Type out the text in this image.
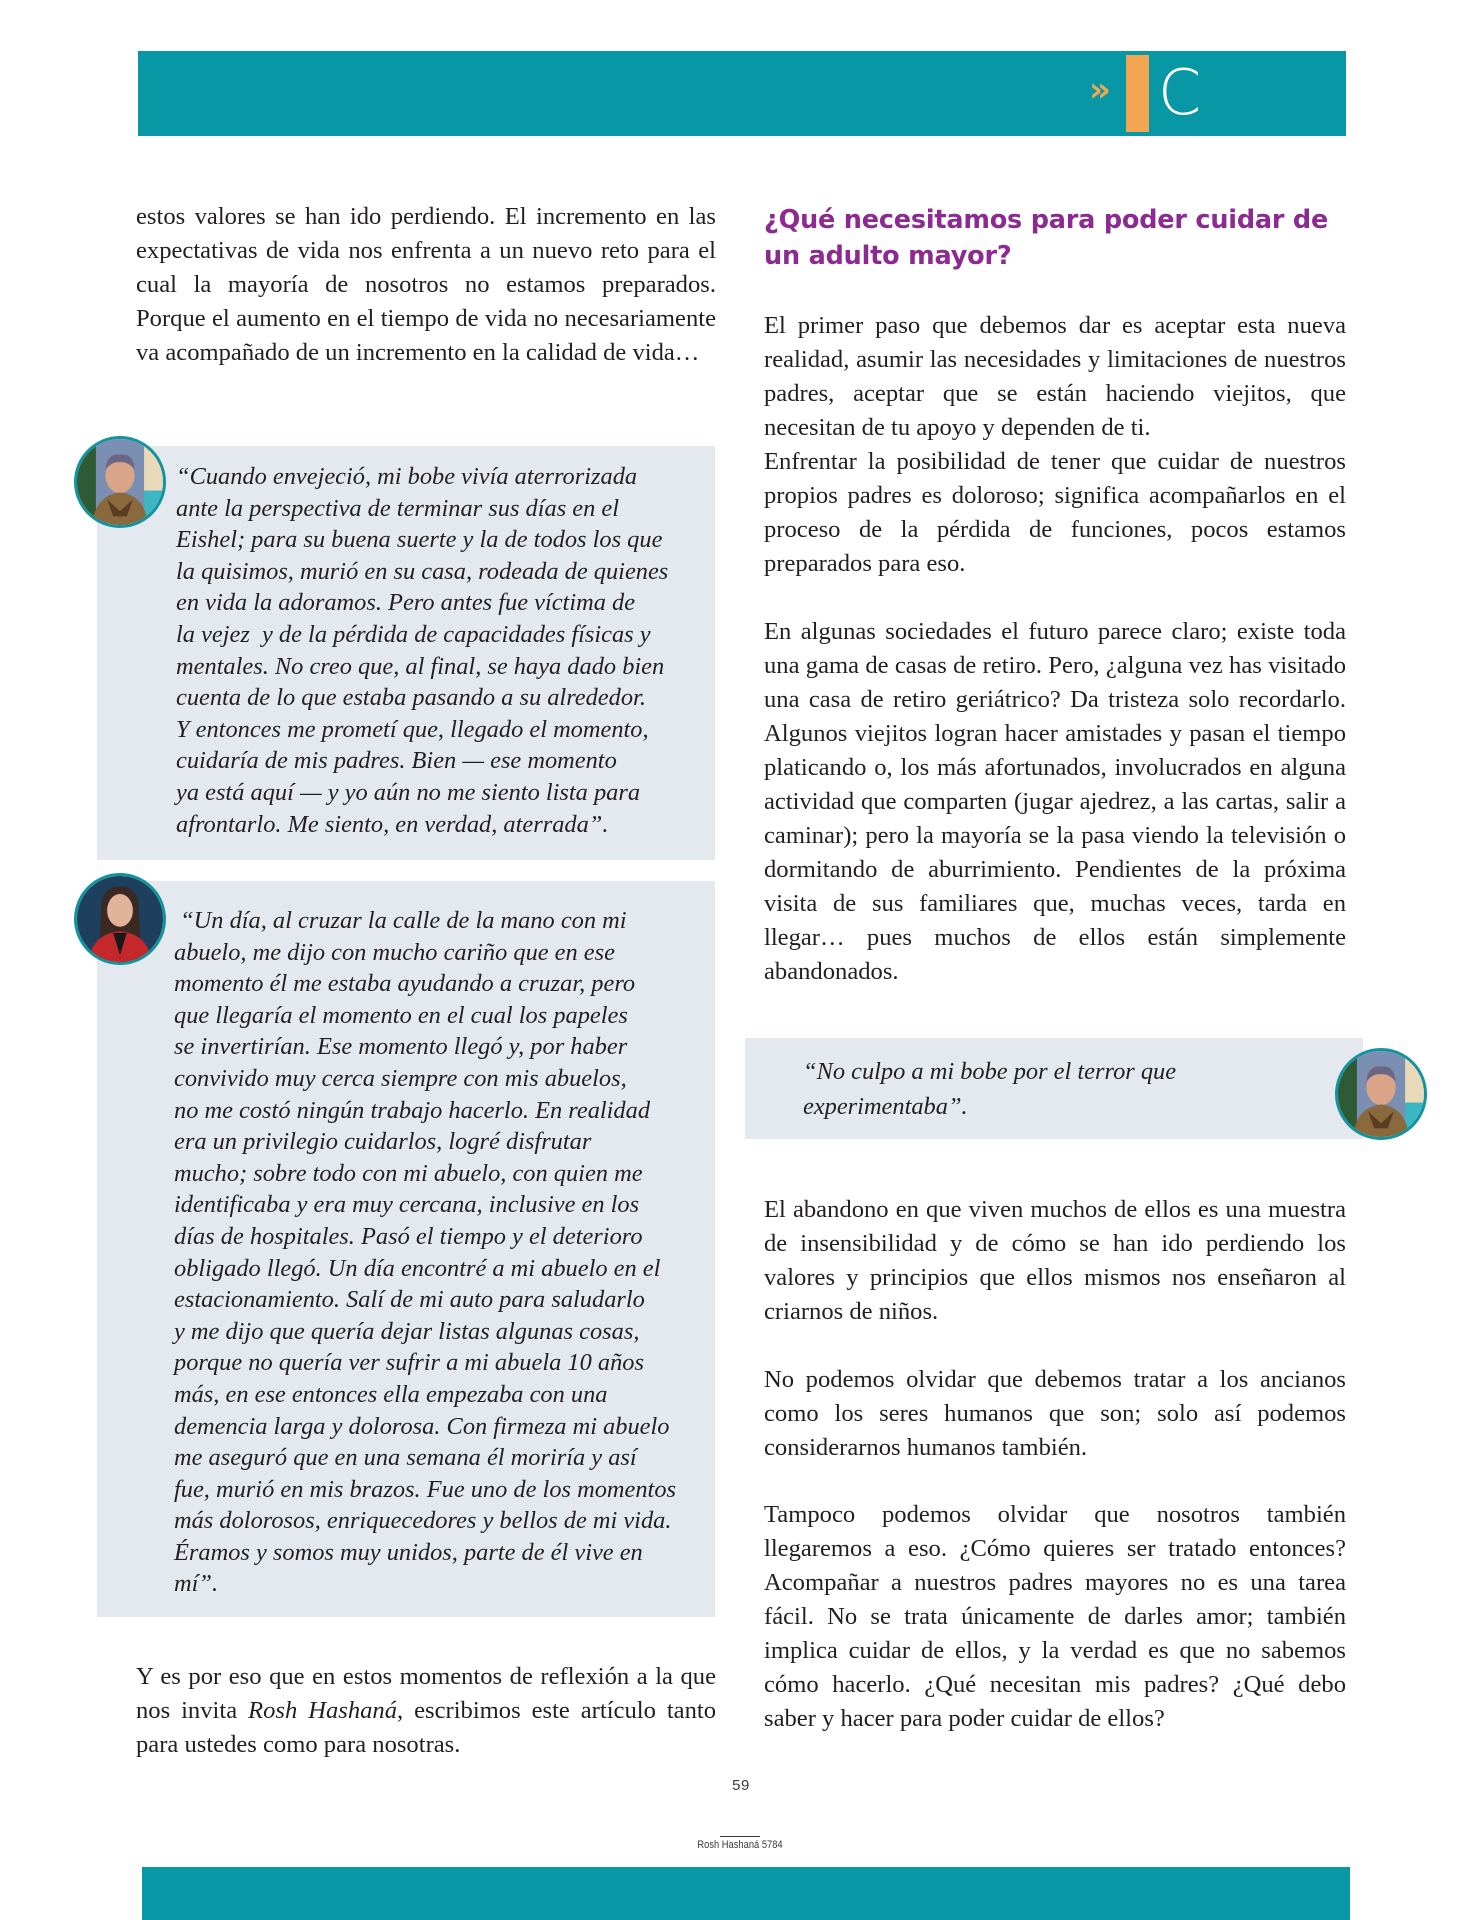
» C

estos valores se han ido perdiendo. El incremento en las expectativas de vida nos enfrenta a un nuevo reto para el cual la mayoría de nosotros no estamos preparados. Porque el aumento en el tiempo de vida no necesariamente va acompañado de un incremento en la calidad de vida…

“Cuando envejeció, mi bobe vivía aterrorizada
ante la perspectiva de terminar sus días en el
Eishel; para su buena suerte y la de todos los que
la quisimos, murió en su casa, rodeada de quienes
en vida la adoramos. Pero antes fue víctima de
la vejez  y de la pérdida de capacidades físicas y
mentales. No creo que, al final, se haya dado bien
cuenta de lo que estaba pasando a su alrededor.
Y entonces me prometí que, llegado el momento,
cuidaría de mis padres. Bien — ese momento
ya está aquí — y yo aún no me siento lista para
afrontarlo. Me siento, en verdad, aterrada”.
“Un día, al cruzar la calle de la mano con mi
abuelo, me dijo con mucho cariño que en ese
momento él me estaba ayudando a cruzar, pero
que llegaría el momento en el cual los papeles
se invertirían. Ese momento llegó y, por haber
convivido muy cerca siempre con mis abuelos,
no me costó ningún trabajo hacerlo. En realidad
era un privilegio cuidarlos, logré disfrutar
mucho; sobre todo con mi abuelo, con quien me
identificaba y era muy cercana, inclusive en los
días de hospitales. Pasó el tiempo y el deterioro
obligado llegó. Un día encontré a mi abuelo en el
estacionamiento. Salí de mi auto para saludarlo
y me dijo que quería dejar listas algunas cosas,
porque no quería ver sufrir a mi abuela 10 años
más, en ese entonces ella empezaba con una
demencia larga y dolorosa. Con firmeza mi abuelo
me aseguró que en una semana él moriría y así
fue, murió en mis brazos. Fue uno de los momentos
más dolorosos, enriquecedores y bellos de mi vida.
Éramos y somos muy unidos, parte de él vive en
mí”.

Y es por eso que en estos momentos de reflexión a la que nos invita Rosh Hashaná, escribimos este artículo tanto para ustedes como para nosotras.

¿Qué necesitamos para poder cuidar de un adulto mayor?

El primer paso que debemos dar es aceptar esta nueva realidad, asumir las necesidades y limitaciones de nuestros padres, aceptar que se están haciendo viejitos, que necesitan de tu apoyo y dependen de ti.

Enfrentar la posibilidad de tener que cuidar de nuestros propios padres es doloroso; significa acompañarlos en el proceso de la pérdida de funciones, pocos estamos preparados para eso.

En algunas sociedades el futuro parece claro; existe toda una gama de casas de retiro. Pero, ¿alguna vez has visitado una casa de retiro geriátrico? Da tristeza solo recordarlo. Algunos viejitos logran hacer amistades y pasan el tiempo platicando o, los más afortunados, involucrados en alguna actividad que comparten (jugar ajedrez, a las cartas, salir a caminar); pero la mayoría se la pasa viendo la televisión o dormitando de aburrimiento. Pendientes de la próxima visita de sus familiares que, muchas veces, tarda en llegar… pues muchos de ellos están simplemente abandonados.

“No culpo a mi bobe por el terror que
experimentaba”.

El abandono en que viven muchos de ellos es una muestra de insensibilidad y de cómo se han ido perdiendo los valores y principios que ellos mismos nos enseñaron al criarnos de niños.

No podemos olvidar que debemos tratar a los ancianos como los seres humanos que son; solo así podemos considerarnos humanos también.

Tampoco podemos olvidar que nosotros también llegaremos a eso. ¿Cómo quieres ser tratado entonces? Acompañar a nuestros padres mayores no es una tarea fácil. No se trata únicamente de darles amor; también implica cuidar de ellos, y la verdad es que no sabemos cómo hacerlo. ¿Qué necesitan mis padres? ¿Qué debo saber y hacer para poder cuidar de ellos?

59
Rosh Hashaná 5784
